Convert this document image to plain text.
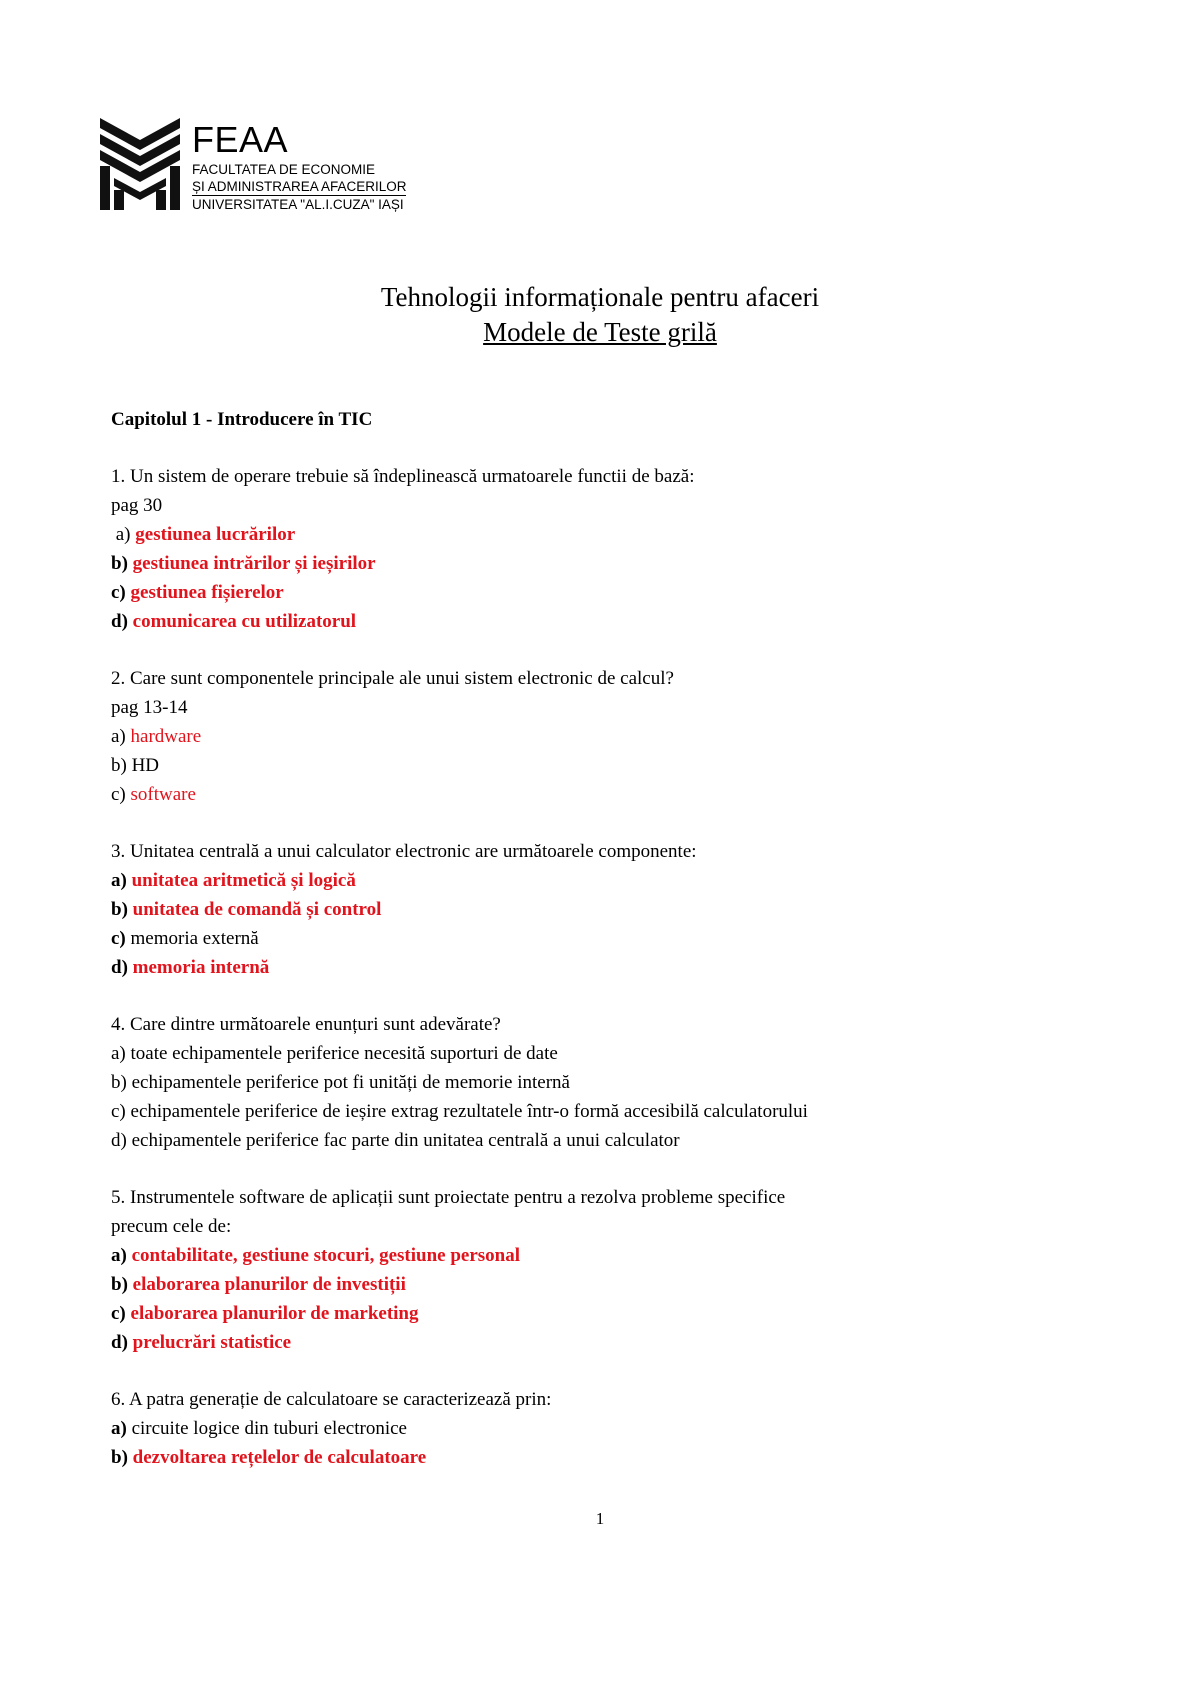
FEAA
FACULTATEA DE ECONOMIE
ȘI ADMINISTRAREA AFACERILOR
UNIVERSITATEA "AL.I.CUZA" IAȘI
Tehnologii informaționale pentru afaceri
Modele de Teste grilă
Capitolul 1 - Introducere în TIC
1. Un sistem de operare trebuie să îndeplinească urmatoarele functii de bază:
pag 30
a) gestiunea lucrărilor
b) gestiunea intrărilor și ieșirilor
c) gestiunea fișierelor
d) comunicarea cu utilizatorul
2. Care sunt componentele principale ale unui sistem electronic de calcul?
pag 13-14
a) hardware
b) HD
c) software
3. Unitatea centrală a unui calculator electronic are următoarele componente:
a) unitatea aritmetică și logică
b) unitatea de comandă și control
c) memoria externă
d) memoria internă
4. Care dintre următoarele enunțuri sunt adevărate?
a) toate echipamentele periferice necesită suporturi de date
b) echipamentele periferice pot fi unități de memorie internă
c) echipamentele periferice de ieșire extrag rezultatele într-o formă accesibilă calculatorului
d) echipamentele periferice fac parte din unitatea centrală a unui calculator
5. Instrumentele software de aplicații sunt proiectate pentru a rezolva probleme specifice
precum cele de:
a) contabilitate, gestiune stocuri, gestiune personal
b) elaborarea planurilor de investiții
c) elaborarea planurilor de marketing
d) prelucrări statistice
6. A patra generație de calculatoare se caracterizează prin:
a) circuite logice din tuburi electronice
b) dezvoltarea rețelelor de calculatoare
1
